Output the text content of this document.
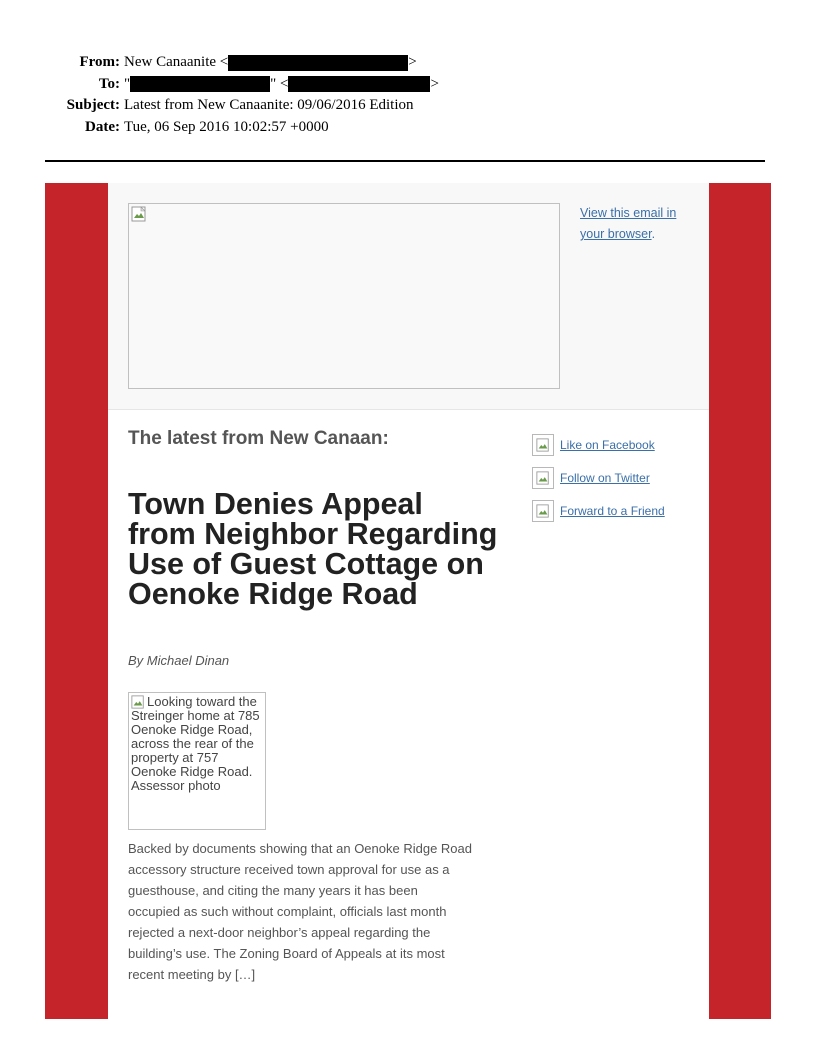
From: New Canaanite <	>
To: "	" <	>
Subject: Latest from New Canaanite: 09/06/2016 Edition
Date: Tue, 06 Sep 2016 10:02:57 +0000
View this email in your browser.
The latest from New Canaan:
Town Denies Appeal from Neighbor Regarding Use of Guest Cottage on Oenoke Ridge Road
By Michael Dinan
Looking toward the Streinger home at 785 Oenoke Ridge Road, across the rear of the property at 757 Oenoke Ridge Road. Assessor photo
Backed by documents showing that an Oenoke Ridge Road accessory structure received town approval for use as a guesthouse, and citing the many years it has been occupied as such without complaint, officials last month rejected a next-door neighbor’s appeal regarding the building’s use. The Zoning Board of Appeals at its most recent meeting by […]
Like on Facebook
Follow on Twitter
Forward to a Friend
